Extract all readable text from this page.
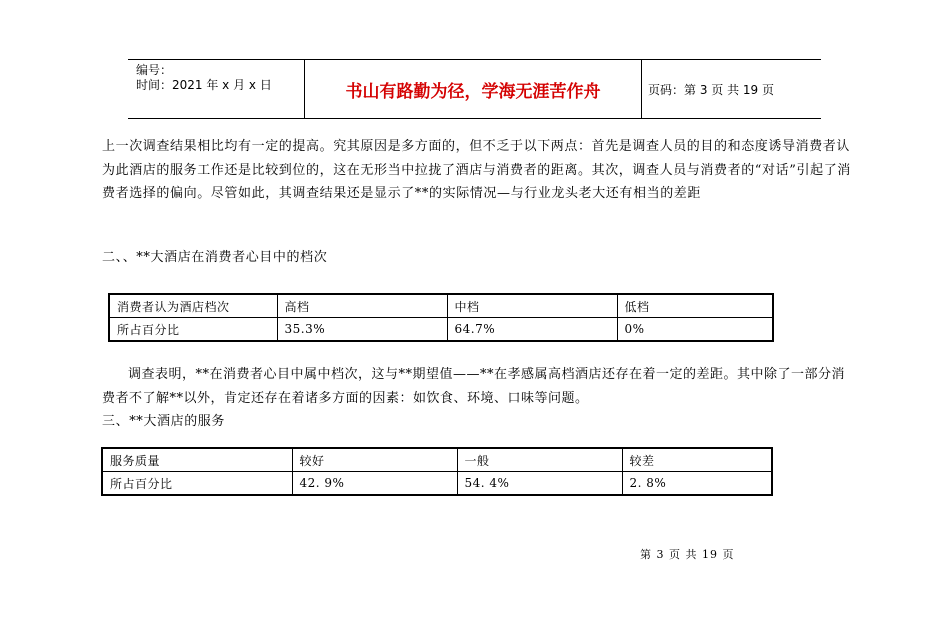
编号：
时间：2021 年 x 月 x 日	书山有路勤为径，学海无涯苦作舟	页码：第 3 页 共 19 页

上一次调查结果相比均有一定的提高。究其原因是多方面的，但不乏于以下两点：首先是调查人员的目的和态度诱导消费者认为此酒店的服务工作还是比较到位的，这在无形当中拉拢了酒店与消费者的距离。其次，调查人员与消费者的“对话”引起了消费者选择的偏向。尽管如此，其调查结果还是显示了**的实际情况—与行业龙头老大还有相当的差距

二、、**大酒店在消费者心目中的档次

消费者认为酒店档次	高档	中档	低档
所占百分比	35.3%	64.7%	0%

调查表明，**在消费者心目中属中档次，这与**期望值——**在孝感属高档酒店还存在着一定的差距。其中除了一部分消费者不了解**以外，肯定还存在着诸多方面的因素：如饮食、环境、口味等问题。

三、**大酒店的服务

服务质量	较好	一般	较差
所占百分比	42. 9%	54. 4%	2. 8%
第 3 页 共 19 页
